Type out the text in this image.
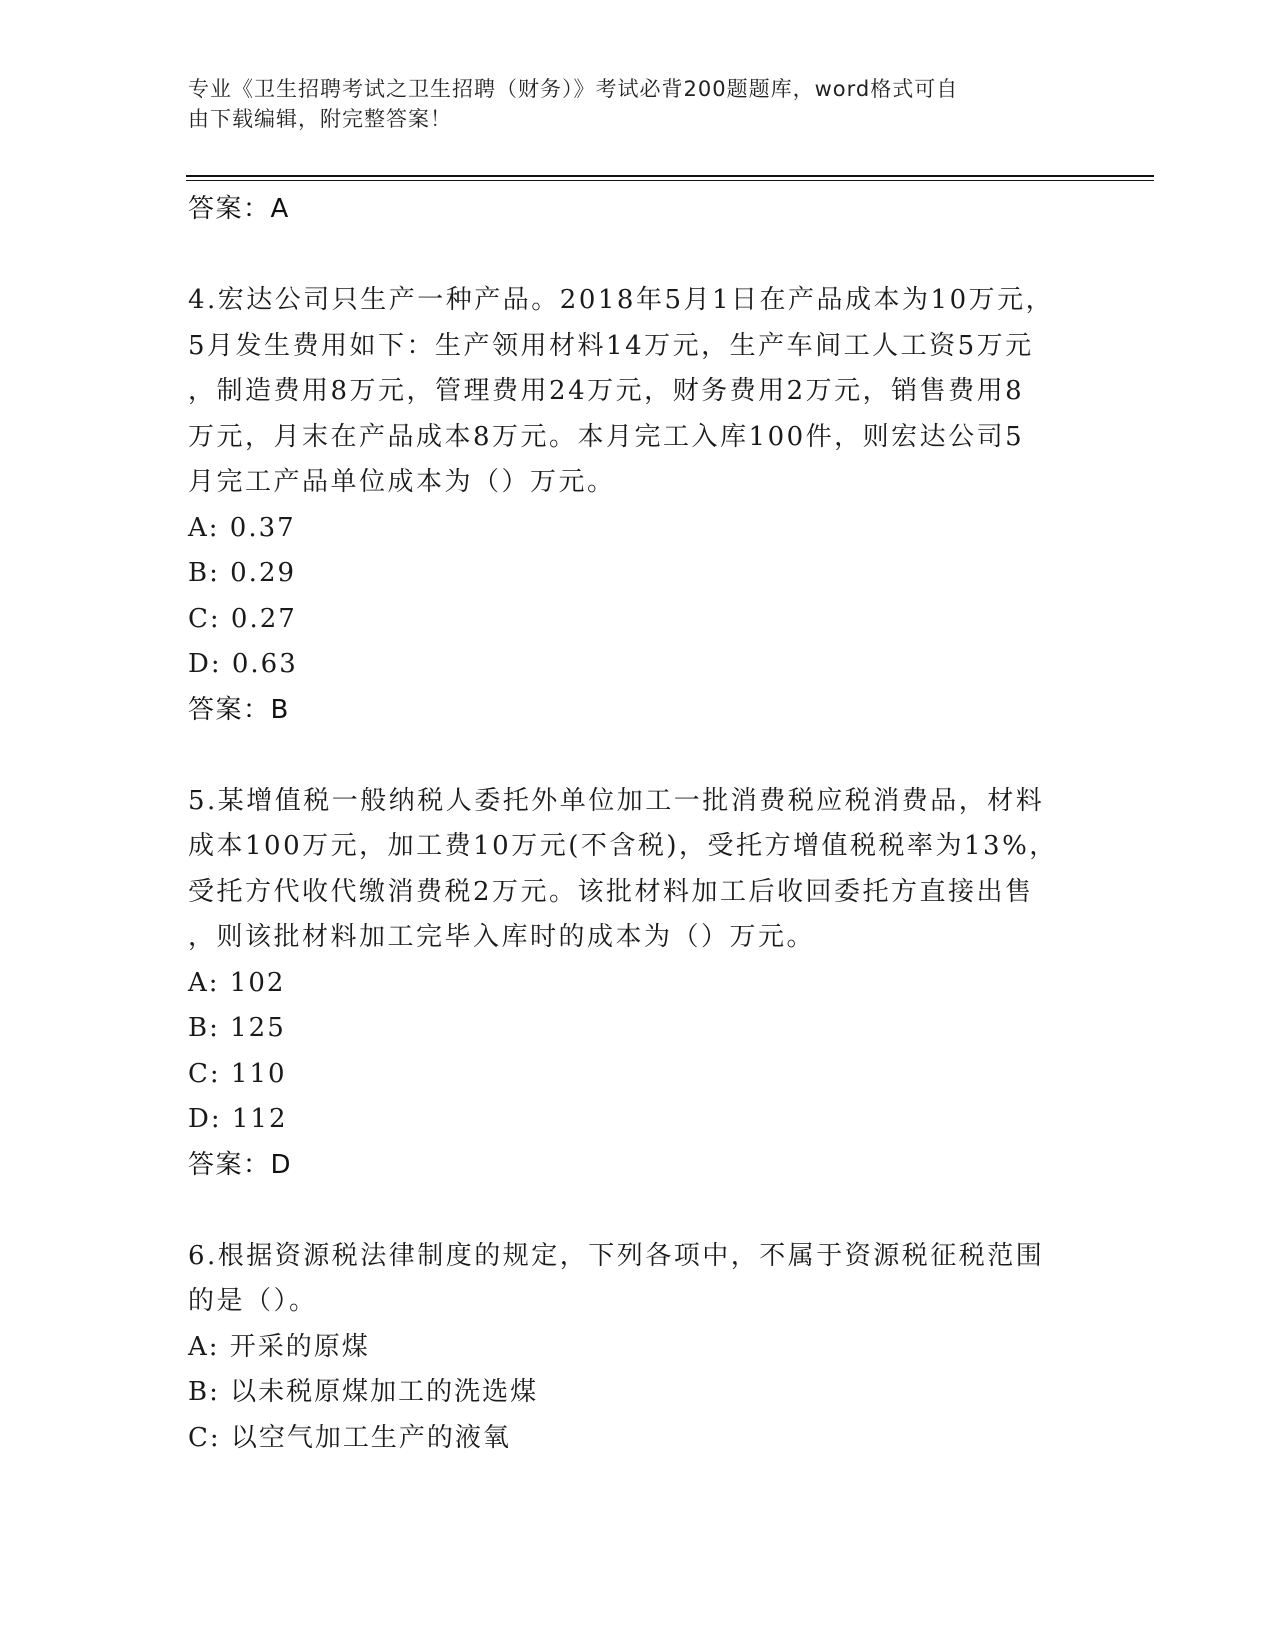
专业《卫生招聘考试之卫生招聘（财务）》考试必背200题题库，word格式可自
由下载编辑，附完整答案！
答案：A
4.宏达公司只生产一种产品。2018年5月1日在产品成本为10万元，
5月发生费用如下：生产领用材料14万元，生产车间工人工资5万元
，制造费用8万元，管理费用24万元，财务费用2万元，销售费用8
万元，月末在产品成本8万元。本月完工入库100件，则宏达公司5
月完工产品单位成本为（）万元。
A: 0.37
B: 0.29
C: 0.27
D: 0.63
答案：B
5.某增值税一般纳税人委托外单位加工一批消费税应税消费品，材料
成本100万元，加工费10万元(不含税)，受托方增值税税率为13%，
受托方代收代缴消费税2万元。该批材料加工后收回委托方直接出售
，则该批材料加工完毕入库时的成本为（）万元。
A: 102
B: 125
C: 110
D: 112
答案：D
6.根据资源税法律制度的规定，下列各项中，不属于资源税征税范围
的是（）。
A: 开采的原煤
B: 以未税原煤加工的洗选煤
C: 以空气加工生产的液氧
